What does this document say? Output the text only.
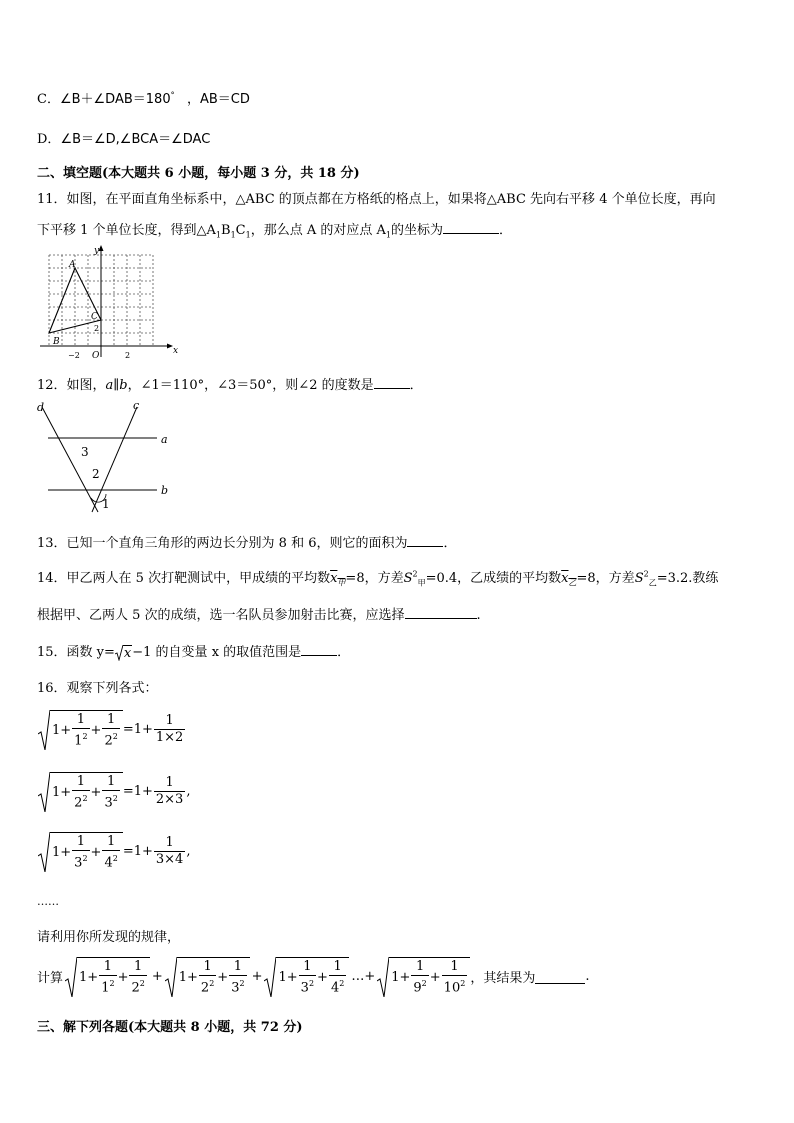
C．∠B＋∠DAB＝180° ，AB＝CD
D．∠B＝∠D,∠BCA＝∠DAC
二、填空题(本大题共 6 小题，每小题 3 分，共 18 分)
11．如图，在平面直角坐标系中，△ABC 的顶点都在方格纸的格点上，如果将△ABC 先向右平移 4 个单位长度，再向
下平移 1 个单位长度，得到$\triangle A_1B_1C_1$，那么点 A 的对应点 $A_1$的坐标为	．
y
x
A
B
C
O
−2	2
2
12．如图，a∥b，∠1＝110°，∠3＝50°，则∠2 的度数是	．
d	c
a
b
3
2
1
13．已知一个直角三角形的两边长分别为 8 和 6，则它的面积为	．
14．甲乙两人在 5 次打靶测试中，甲成绩的平均数$x_甲=8$，方差$S^2_甲=0.4$，乙成绩的平均数$x_乙=8$，方差$S^2_乙=3.2$.教练
根据甲、乙两人 5 次的成绩，选一名队员参加射击比赛，应选择	.
15．函数 y= x−1 的自变量 x 的取值范围是	．
16．观察下列各式：
$1+ \frac{1}{1^2} + \frac{1}{2^2} =1+ \frac{1}{1\times 2}$
$1+ \frac{1}{2^2} + \frac{1}{3^2} =1+ \frac{1}{2\times 3}$ ,
$1+ \frac{1}{3^2} + \frac{1}{4^2} =1+ \frac{1}{3\times 4}$ ,
……
请利用你所发现的规律，
计算 $1+ \frac{1}{1^2} + \frac{1}{2^2} + 1+ \frac{1}{2^2} + \frac{1}{3^2} + 1+ \frac{1}{3^2} + \frac{1}{4^2}$ …+ $1+ \frac{1}{9^2} + \frac{1}{10^2}$ ，其结果为	.
三、解下列各题(本大题共 8 小题，共 72 分)
